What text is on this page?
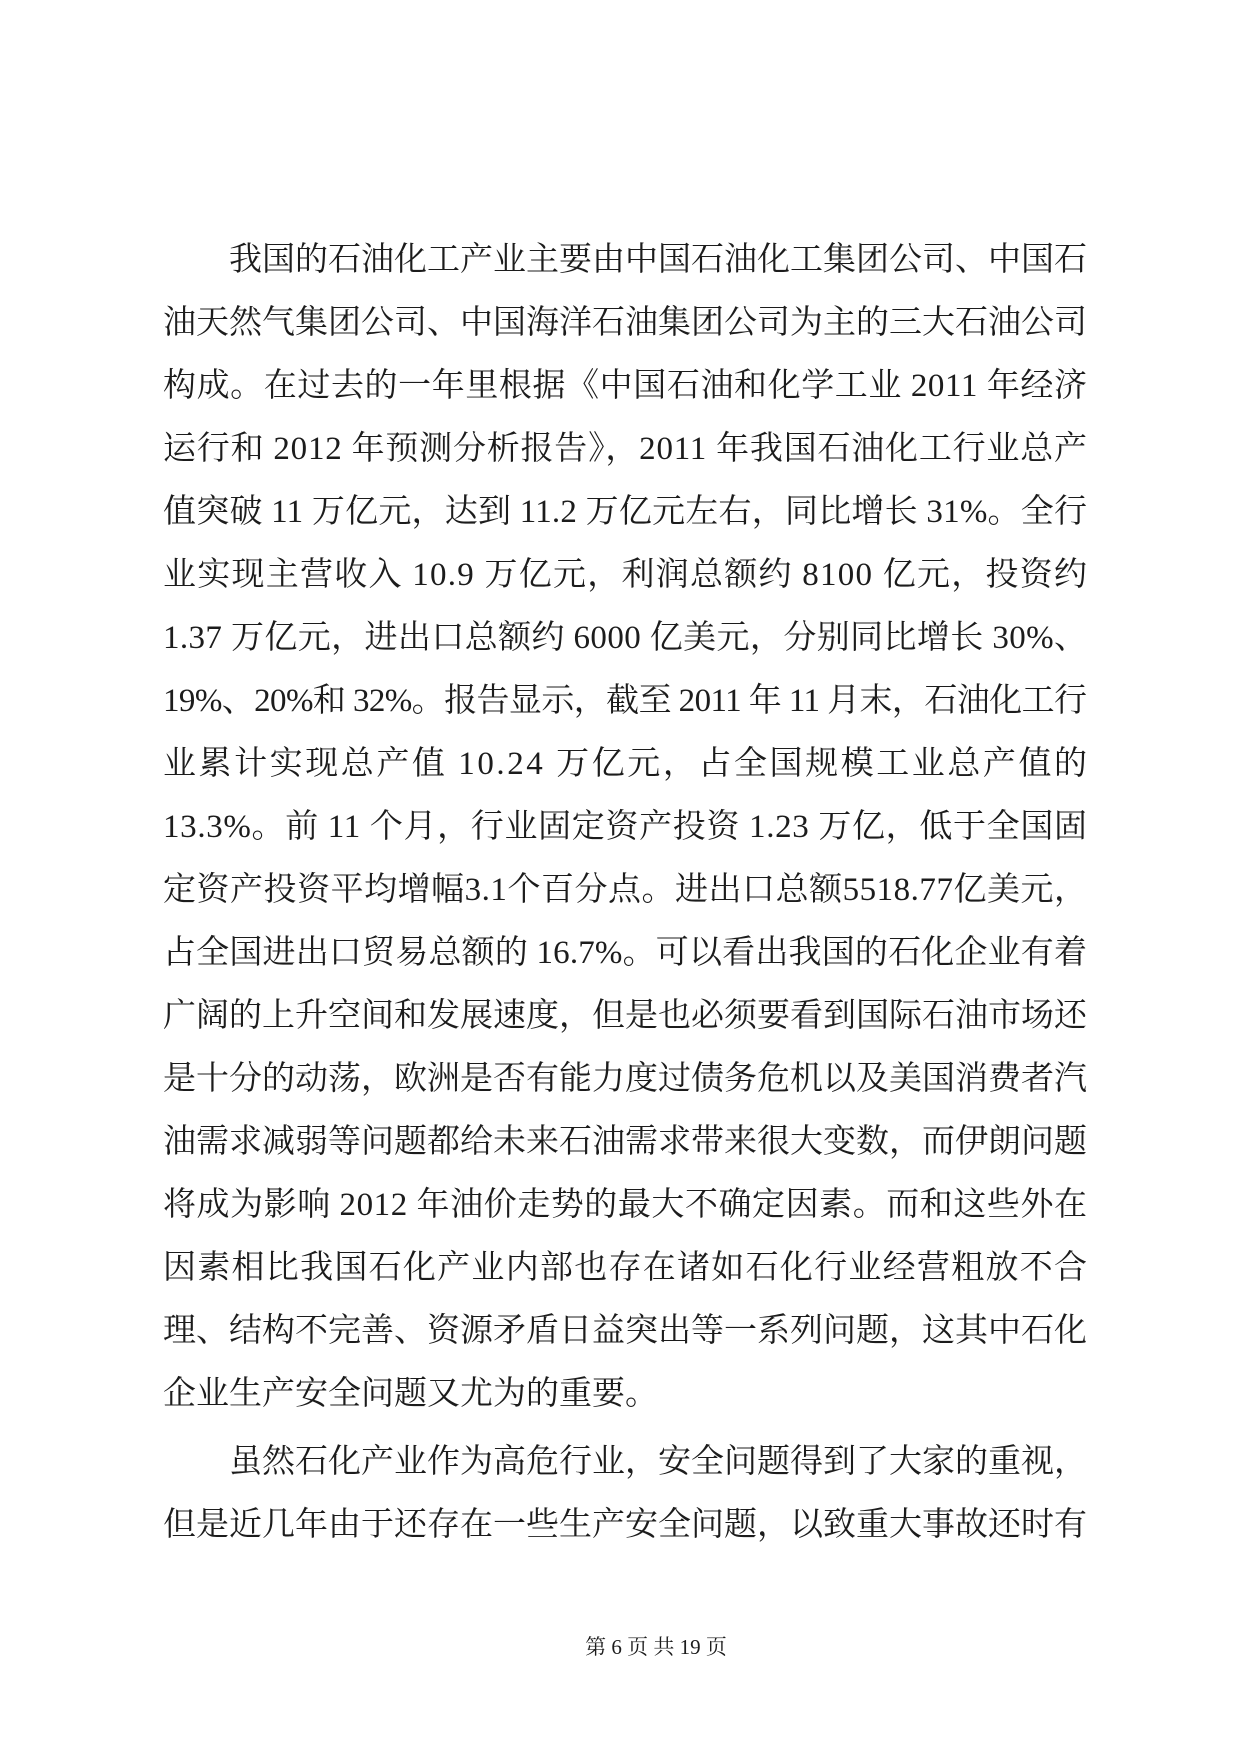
我国的石油化工产业主要由中国石油化工集团公司、中国石
油天然气集团公司、中国海洋石油集团公司为主的三大石油公司
构成。在过去的一年里根据《中国石油和化学工业 2011 年经济
运行和 2012 年预测分析报告》，2011 年我国石油化工行业总产
值突破 11 万亿元，达到 11.2 万亿元左右，同比增长 31%。全行
业实现主营收入 10.9 万亿元，利润总额约 8100 亿元，投资约
1.37 万亿元，进出口总额约 6000 亿美元，分别同比增长 30%、
19%、20%和 32%。报告显示，截至 2011 年 11 月末，石油化工行
业累计实现总产值 10.24 万亿元，占全国规模工业总产值的
13.3%。前 11 个月，行业固定资产投资 1.23 万亿，低于全国固
定资产投资平均增幅3.1个百分点。进出口总额5518.77亿美元，
占全国进出口贸易总额的 16.7%。可以看出我国的石化企业有着
广阔的上升空间和发展速度，但是也必须要看到国际石油市场还
是十分的动荡，欧洲是否有能力度过债务危机以及美国消费者汽
油需求减弱等问题都给未来石油需求带来很大变数，而伊朗问题
将成为影响 2012 年油价走势的最大不确定因素。而和这些外在
因素相比我国石化产业内部也存在诸如石化行业经营粗放不合
理、结构不完善、资源矛盾日益突出等一系列问题，这其中石化
企业生产安全问题又尤为的重要。
虽然石化产业作为高危行业，安全问题得到了大家的重视，
但是近几年由于还存在一些生产安全问题，以致重大事故还时有
第 6 页 共 19 页
